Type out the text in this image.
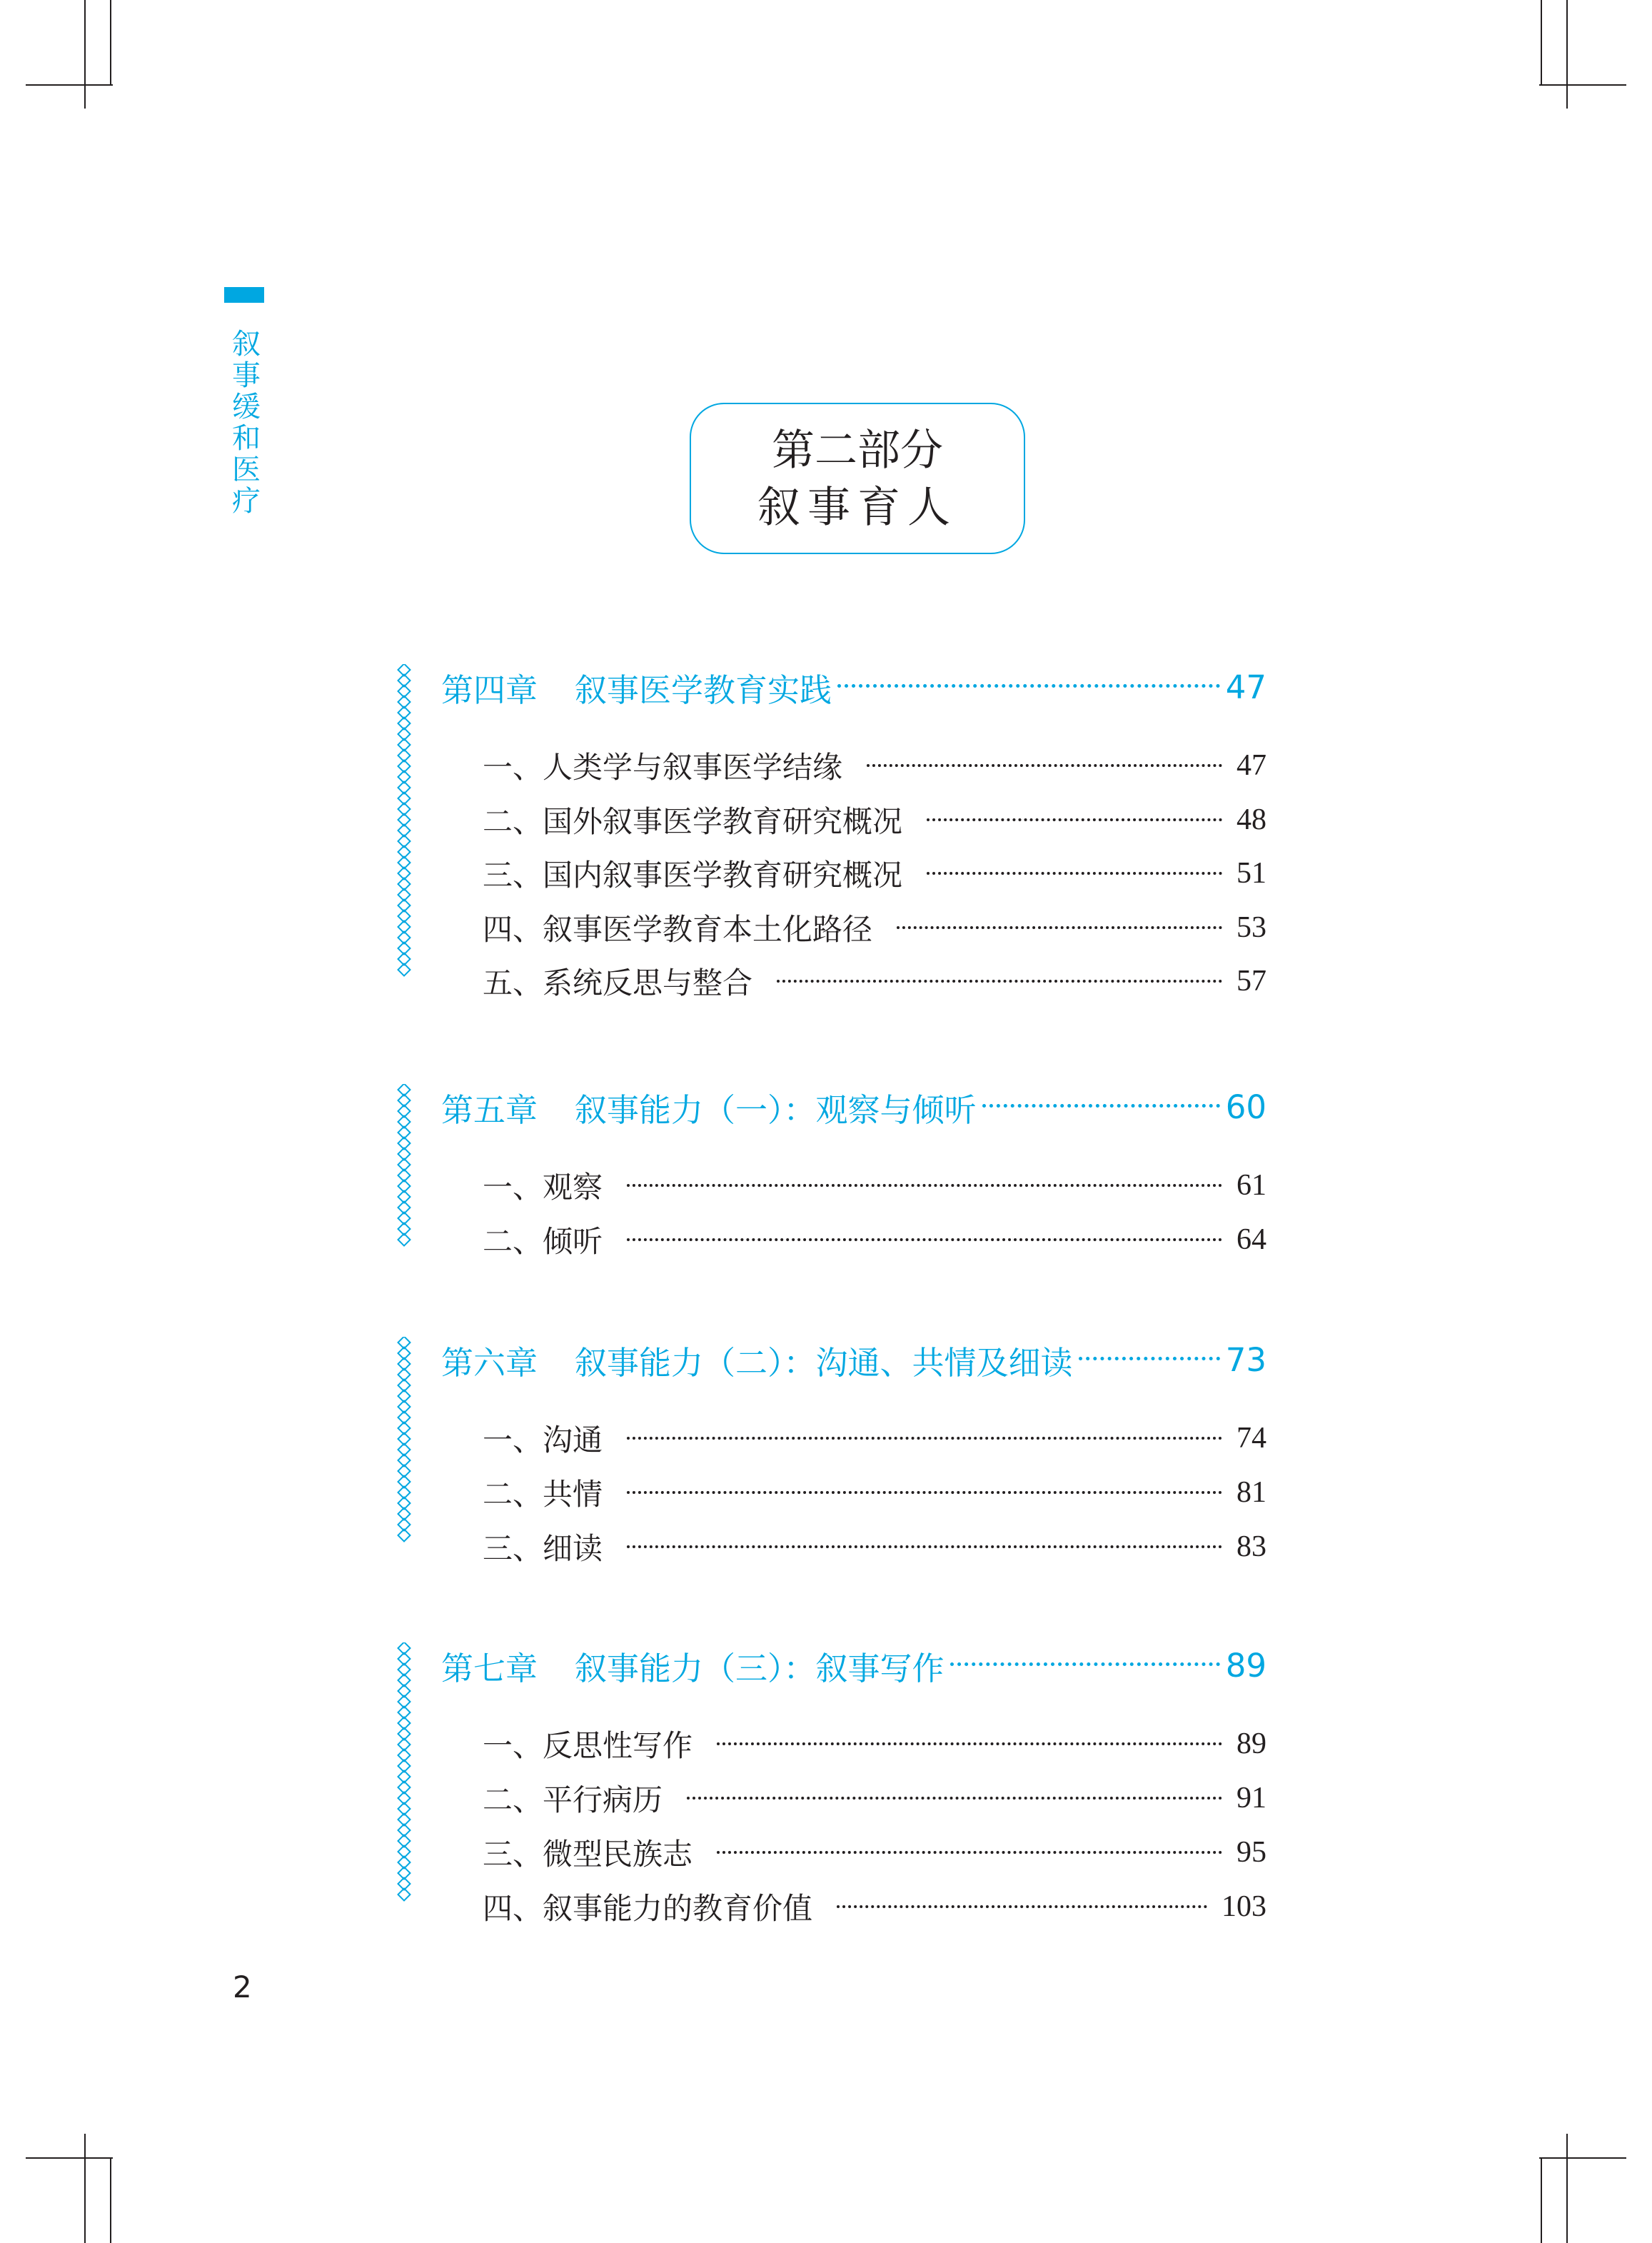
叙
事
缓
和
医
疗
第二部分
叙事育人
第四章 叙事医学教育实践	47
一、 人类学与叙事医学结缘	47
二、 国外叙事医学教育研究概况	48
三、 国内叙事医学教育研究概况	51
四、 叙事医学教育本土化路径	53
五、 系统反思与整合	57
第五章 叙事能力（一）：观察与倾听	60
一、 观察	61
二、 倾听	64
第六章 叙事能力（二）：沟通、共情及细读	73
一、 沟通	74
二、 共情	81
三、 细读	83
第七章 叙事能力（三）：叙事写作	89
一、 反思性写作	89
二、 平行病历	91
三、 微型民族志	95
四、 叙事能力的教育价值	103
2
